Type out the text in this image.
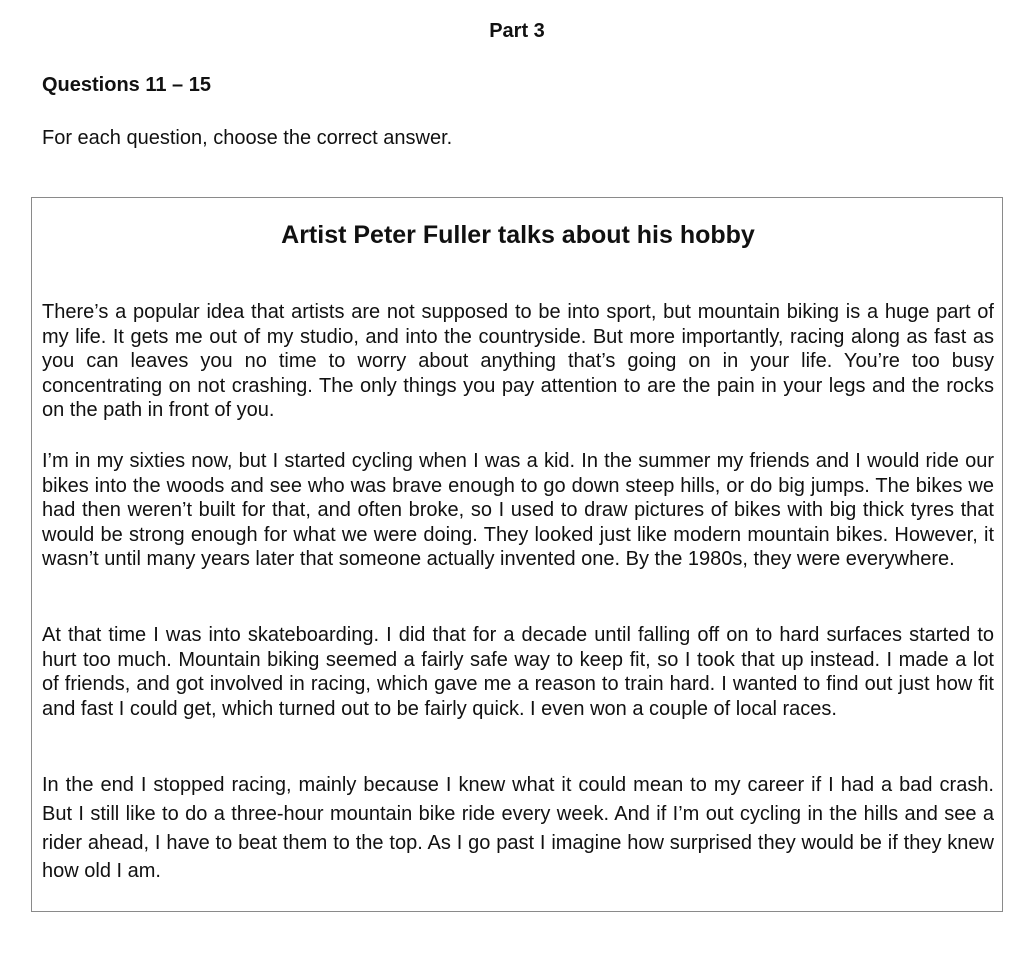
Part 3
Questions 11 – 15
For each question, choose the correct answer.
Artist Peter Fuller talks about his hobby

There’s a popular idea that artists are not supposed to be into sport, but mountain biking is a huge part of my life. It gets me out of my studio, and into the countryside. But more importantly, racing along as fast as you can leaves you no time to worry about anything that’s going on in your life. You’re too busy concentrating on not crashing. The only things you pay attention to are the pain in your legs and the rocks on the path in front of you.

I’m in my sixties now, but I started cycling when I was a kid. In the summer my friends and I would ride our bikes into the woods and see who was brave enough to go down steep hills, or do big jumps. The bikes we had then weren’t built for that, and often broke, so I used to draw pictures of bikes with big thick tyres that would be strong enough for what we were doing. They looked just like modern mountain bikes. However, it wasn’t until many years later that someone actually invented one. By the 1980s, they were everywhere.

At that time I was into skateboarding. I did that for a decade until falling off on to hard surfaces started to hurt too much. Mountain biking seemed a fairly safe way to keep fit, so I took that up instead. I made a lot of friends, and got involved in racing, which gave me a reason to train hard. I wanted to find out just how fit and fast I could get, which turned out to be fairly quick. I even won a couple of local races.

In the end I stopped racing, mainly because I knew what it could mean to my career if I had a bad crash. But I still like to do a three-hour mountain bike ride every week. And if I’m out cycling in the hills and see a rider ahead, I have to beat them to the top. As I go past I imagine how surprised they would be if they knew how old I am.
